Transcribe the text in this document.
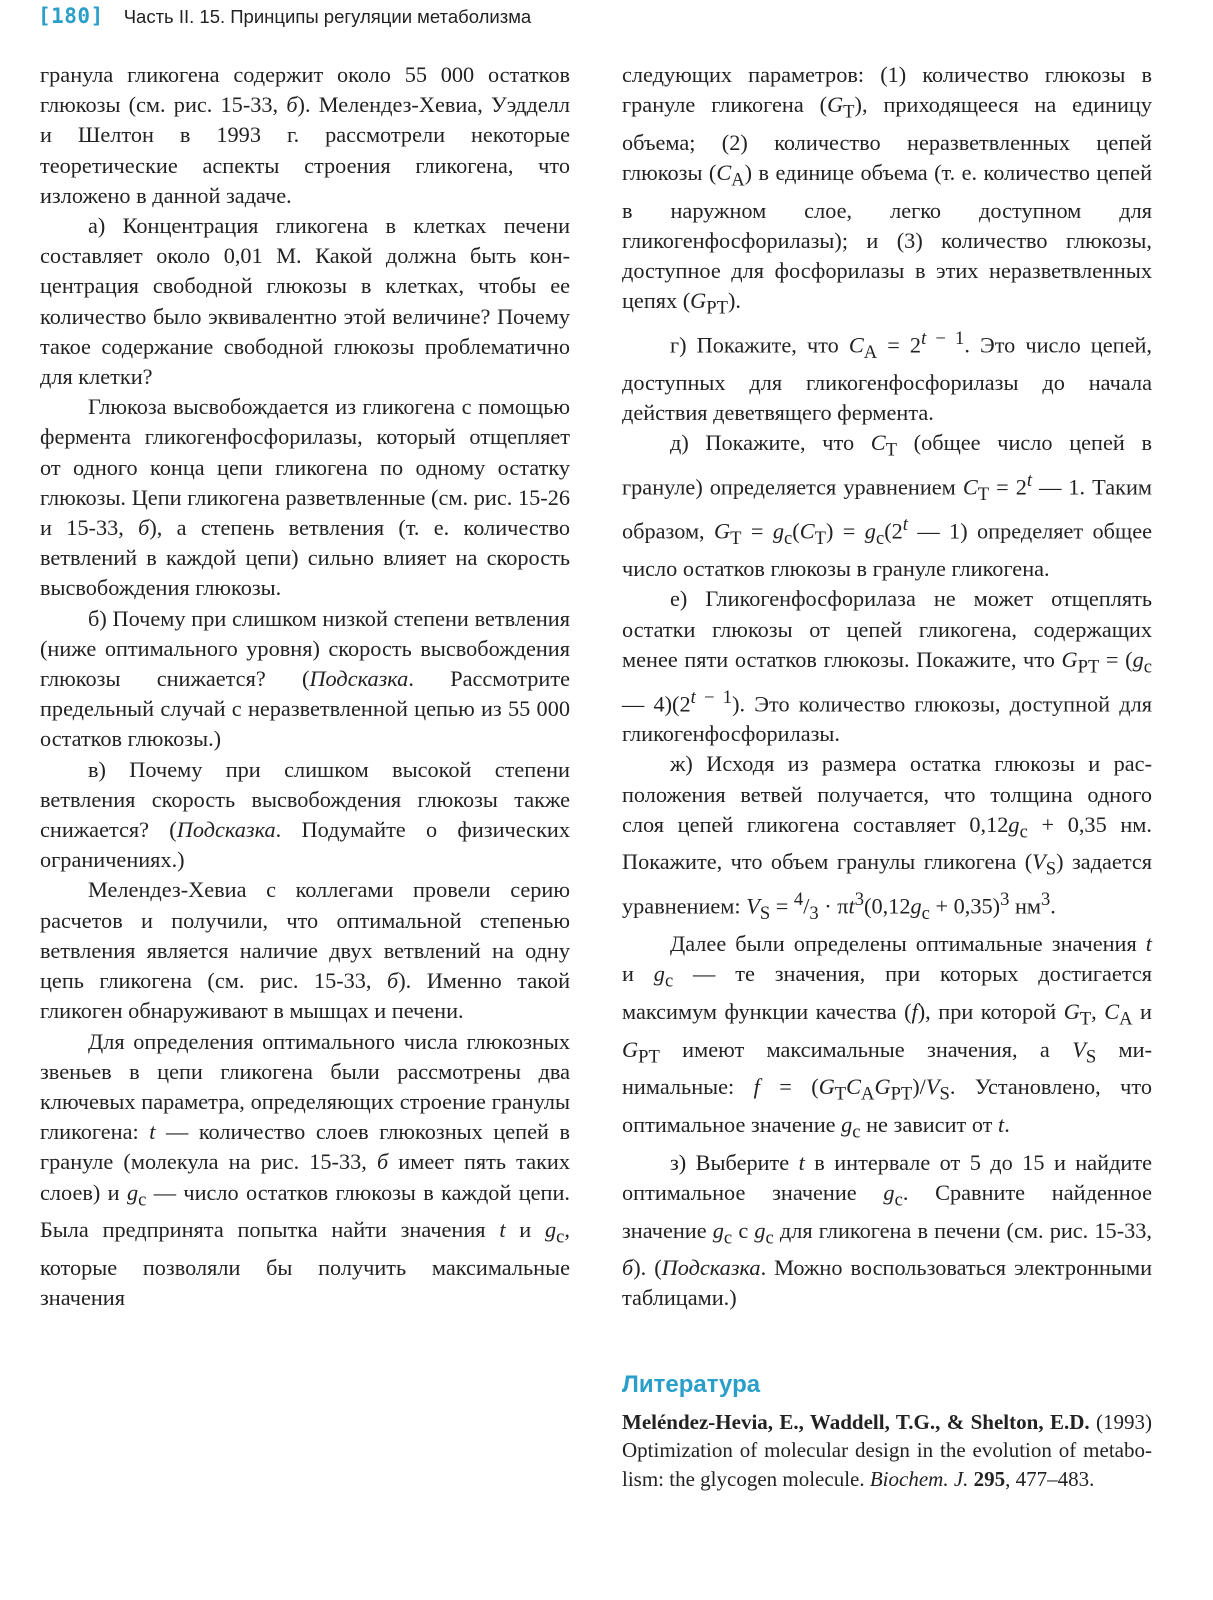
[180] Часть II. 15. Принципы регуляции метаболизма

гранула гликогена содержит около 55 000 остатков глюкозы (см. рис. 15-33, б). Мелендез-Хевиа, Уэдделл и Шелтон в 1993 г. рассмотрели некоторые теоретические аспекты строения гликогена, что изложено в данной задаче.

а) Концентрация гликогена в клетках печени составляет около 0,01 М. Какой должна быть концентрация свободной глюкозы в клетках, чтобы ее количество было эквивалентно этой величине? Почему такое содержание свободной глюкозы проблематично для клетки?

Глюкоза высвобождается из гликогена с помощью фермента гликогенфосфорилазы, который отщепляет от одного конца цепи гликогена по одному остатку глюкозы. Цепи гликогена разветвленные (см. рис. 15-26 и 15-33, б), а степень ветвления (т. е. количество ветвлений в каждой цепи) сильно влияет на скорость высвобождения глюкозы.

б) Почему при слишком низкой степени ветвления (ниже оптимального уровня) скорость высвобождения глюкозы снижается? (Подсказка. Рассмотрите предельный случай с неразветвленной цепью из 55 000 остатков глюкозы.)

в) Почему при слишком высокой степени ветвления скорость высвобождения глюкозы также снижается? (Подсказка. Подумайте о физических ограничениях.)

Мелендез-Хевиа с коллегами провели серию расчетов и получили, что оптимальной степенью ветвления является наличие двух ветвлений на одну цепь гликогена (см. рис. 15-33, б). Именно такой гликоген обнаруживают в мышцах и печени.

Для определения оптимального числа глюкозных звеньев в цепи гликогена были рассмотрены два ключевых параметра, определяющих строение гранулы гликогена: t — количество слоев глюкозных цепей в грануле (молекула на рис. 15-33, б имеет пять таких слоев) и $g_c$ — число остатков глюкозы в каждой цепи. Была предпринята попытка найти значения t и $g_c$, которые позволяли бы получить максимальные значения

следующих параметров: (1) количество глюкозы в грануле гликогена $(G_T)$, приходящееся на единицу объема; (2) количество неразветвленных цепей глюкозы $(C_A)$ в единице объема (т. е. количество цепей в наружном слое, легко доступном для гликогенфосфорилазы); и (3) количество глюкозы, доступное для фосфорилазы в этих неразветвленных цепях $(G_{PT})$.

г) Покажите, что $C_A = 2^{t - 1}$. Это число цепей, доступных для гликогенфосфорилазы до начала действия деветвящего фермента.

д) Покажите, что $C_T$ (общее число цепей в грануле) определяется уравнением $C_T = 2^t$ — 1. Таким образом, $G_T = g_c(C_T) = g_c(2^t$ — 1) определяет общее число остатков глюкозы в грануле гликогена.

е) Гликогенфосфорилаза не может отщеплять остатки глюкозы от цепей гликогена, содержащих менее пяти остатков глюкозы. Покажите, что $G_{PT} = (g_c$ — $4)(2^{t - 1})$. Это количество глюкозы, доступной для гликогенфосфорилазы.

ж) Исходя из размера остатка глюкозы и расположения ветвей получается, что толщина одного слоя цепей гликогена составляет $0,12g_c + 0,35$ нм. Покажите, что объем гранулы гликогена $(V_S)$ задается уравнением: $V_S = ^4/_3 \cdot \pi t^3(0,12g_c + 0,35)^3$ $нм^3$.

Далее были определены оптимальные значения t и $g_c$ — те значения, при которых достигается максимум функции качества (f), при которой $G_T$, $C_A$ и $G_{PT}$ имеют максимальные значения, а $V_S$ минимальные: $f = (G_TC_AG_{PT})/V_S$. Установлено, что оптимальное значение $g_c$ не зависит от t.

з) Выберите t в интервале от 5 до 15 и найдите оптимальное значение $g_c$. Сравните найденное значение $g_c$ с $g_c$ для гликогена в печени (см. рис. 15-33, б). (Подсказка. Можно воспользоваться электронными таблицами.)

Литература

Meléndez-Hevia, E., Waddell, T.G., & Shelton, E.D. (1993) Optimization of molecular design in the evolution of metabolism: the glycogen molecule. Biochem. J. 295, 477–483.
